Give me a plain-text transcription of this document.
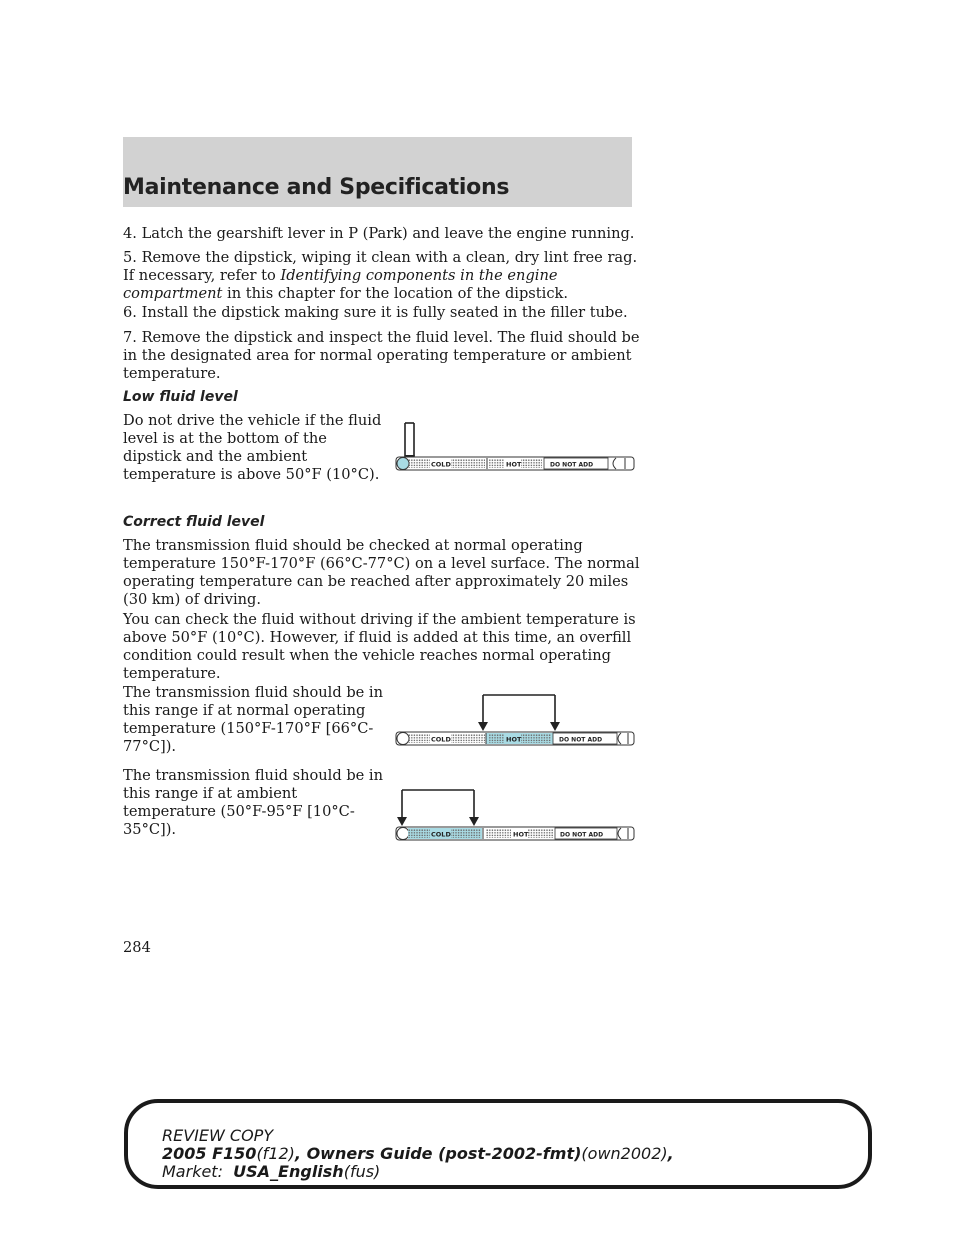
Maintenance and Specifications

4. Latch the gearshift lever in P (Park) and leave the engine running.

5. Remove the dipstick, wiping it clean with a clean, dry lint free rag. If necessary, refer to Identifying components in the engine compartment in this chapter for the location of the dipstick.

6. Install the dipstick making sure it is fully seated in the filler tube.

7. Remove the dipstick and inspect the fluid level. The fluid should be in the designated area for normal operating temperature or ambient temperature.

Low fluid level

Do not drive the vehicle if the fluid level is at the bottom of the dipstick and the ambient temperature is above 50°F (10°C).

COLD	HOT	DO NOT ADD
Correct fluid level

The transmission fluid should be checked at normal operating temperature 150°F-170°F (66°C-77°C) on a level surface. The normal operating temperature can be reached after approximately 20 miles (30 km) of driving.

You can check the fluid without driving if the ambient temperature is above 50°F (10°C). However, if fluid is added at this time, an overfill condition could result when the vehicle reaches normal operating temperature.

The transmission fluid should be in this range if at normal operating temperature (150°F-170°F [66°C-77°C]).	COLD	HOT	DO NOT ADD

The transmission fluid should be in this range if at ambient temperature (50°F-95°F [10°C-35°C]).	COLD	HOT	DO NOT ADD
284
REVIEW COPY
2005 F150(f12), Owners Guide (post-2002-fmt)(own2002),
Market: USA_English(fus)
